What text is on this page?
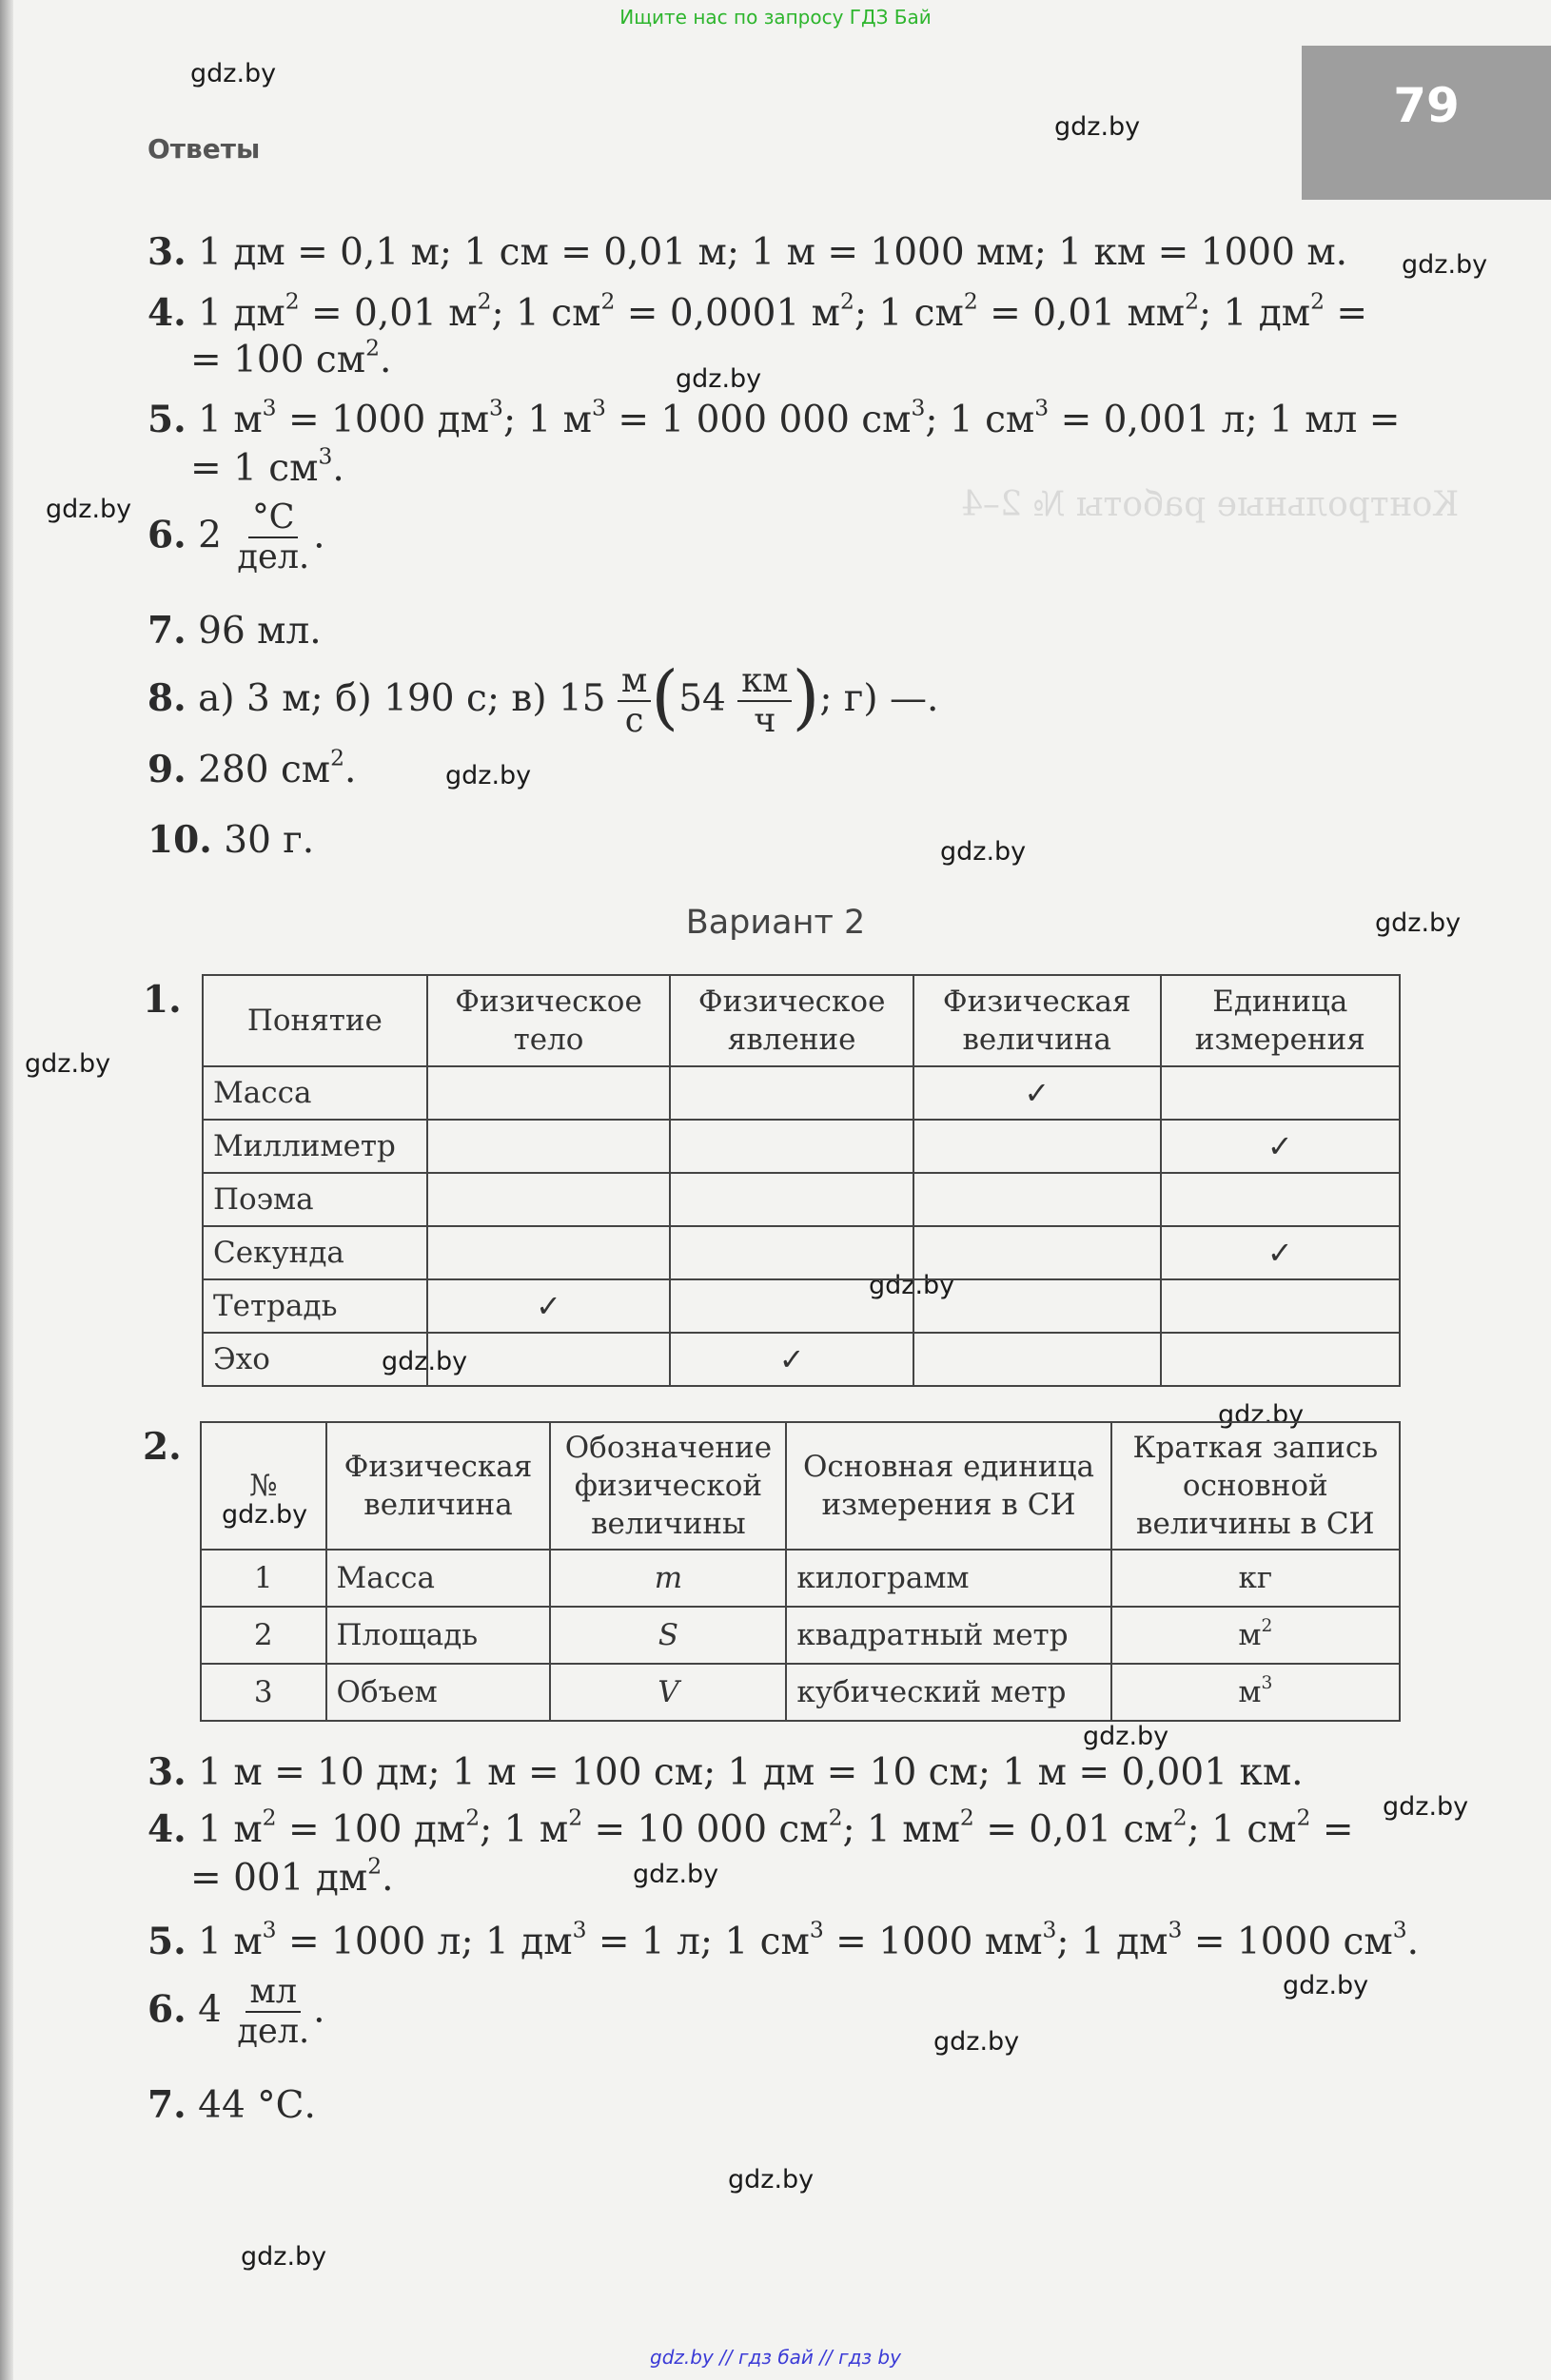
Ищите нас по запросу ГДЗ Бай
79
Ответы
Контрольные работы № 2–4
gdz.by
gdz.by
gdz.by
gdz.by
gdz.by
gdz.by
gdz.by
gdz.by
gdz.by
gdz.by
gdz.by
gdz.by
gdz.by
gdz.by
gdz.by
gdz.by
gdz.by
gdz.by
gdz.by
gdz.by
3. 1 дм = 0,1 м; 1 см = 0,01 м; 1 м = 1000 мм; 1 км = 1000 м.
4. 1 $дм^2 = 0,01$ $м^2$; 1 $см^2 = 0,0001$ $м^2$; 1 $см^2 = 0,01$ $мм^2$; 1 $дм^2$ =
= 100 $см^2$.
5. 1 $м^3 = 1000$ $дм^3$; 1 $м^3 = 1$ 000 000 $см^3$; 1 $см^3 = 0,001$ л; 1 мл =
= 1 $см^3$.
6. $2 \frac{^\circ C}{\text{дел.}}$ .
7. 96 мл.
8. а) 3 м; б) 190 с; в) $15 \frac{м}{с} (54 \frac{км}{ч}$ ); г) —.
9. 280 $см^2$.
10. 30 г.
Вариант 2
1. Понятие	Физическое тело	Физическое явление	Физическая величина	Единица измерения
Масса			✓	
Миллиметр				✓
Поэма				
Секунда				✓
Тетрадь	✓			
Эхо		✓		
2.
№	Физическая величина	Обозначение физической величины	Основная единица измерения в СИ	Краткая запись основной величины в СИ
1	Масса	m	килограмм	кг
2	Площадь	S	квадратный метр	$м^2$
3	Объем	V	кубический метр	$м^3$
3. 1 м = 10 дм; 1 м = 100 см; 1 дм = 10 см; 1 м = 0,001 км.
4. 1 $м^2 = 100$ $дм^2$; 1 $м^2 = 10$ 000 $см^2$; 1 $мм^2 = 0,01$ $см^2$; 1 $см^2$ =
= 001 $дм^2$.
5. 1 $м^3 = 1000$ л; 1 $дм^3 = 1$ л; 1 $см^3 = 1000$ $мм^3$; 1 $дм^3 = 1000$ $см^3$.
6. $4 \frac{мл}{\text{дел.}}$ .
7. 44 °С.
gdz.by // гдз бай // гдз by
